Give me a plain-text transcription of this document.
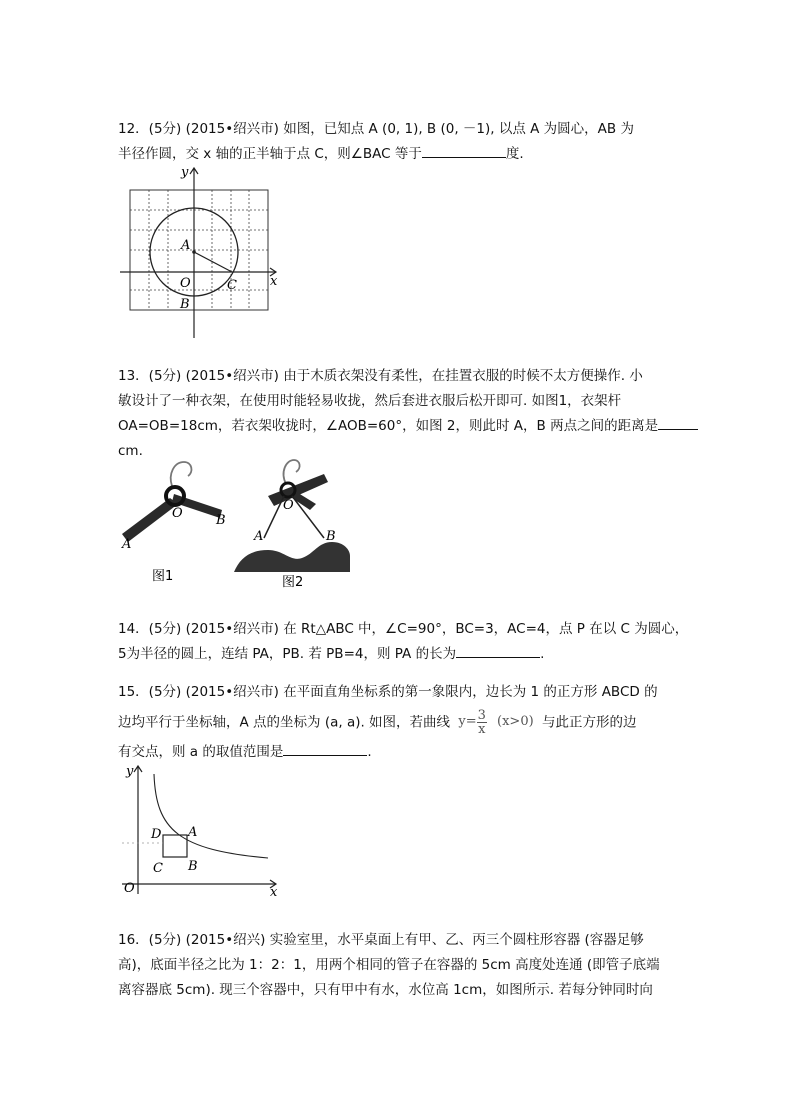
12．(5分) (2015•绍兴市) 如图，已知点 A (0, 1), B (0, －1), 以点 A 为圆心，AB 为

半径作圆，交 x 轴的正半轴于点 C，则∠BAC 等于	度.

y
x
A
O
B
C

13．(5分) (2015•绍兴市) 由于木质衣架没有柔性，在挂置衣服的时候不太方便操作. 小

敏设计了一种衣架，在使用时能轻易收拢，然后套进衣服后松开即可. 如图1，衣架杆

OA=OB=18cm，若衣架收拢时，∠AOB=60°，如图 2，则此时 A，B 两点之间的距离是

cm.

O
A
B
图1
O
A	B
图2

14．(5分) (2015•绍兴市) 在 Rt△ABC 中，∠C=90°，BC=3，AC=4，点 P 在以 C 为圆心，

5为半径的圆上，连结 PA，PB. 若 PB=4，则 PA 的长为	.

15．(5分) (2015•绍兴市) 在平面直角坐标系的第一象限内，边长为 1 的正方形 ABCD 的

边均平行于坐标轴，A 点的坐标为 (a, a). 如图，若曲线 $y= \frac{3}{x} (x>0)$ 与此正方形的边

有交点，则 a 的取值范围是	.

y
x
O
A
B
C
D

16．(5分) (2015•绍兴) 实验室里，水平桌面上有甲、乙、丙三个圆柱形容器 (容器足够

高)，底面半径之比为 1：2：1，用两个相同的管子在容器的 5cm 高度处连通 (即管子底端

离容器底 5cm). 现三个容器中，只有甲中有水，水位高 1cm，如图所示. 若每分钟同时向
